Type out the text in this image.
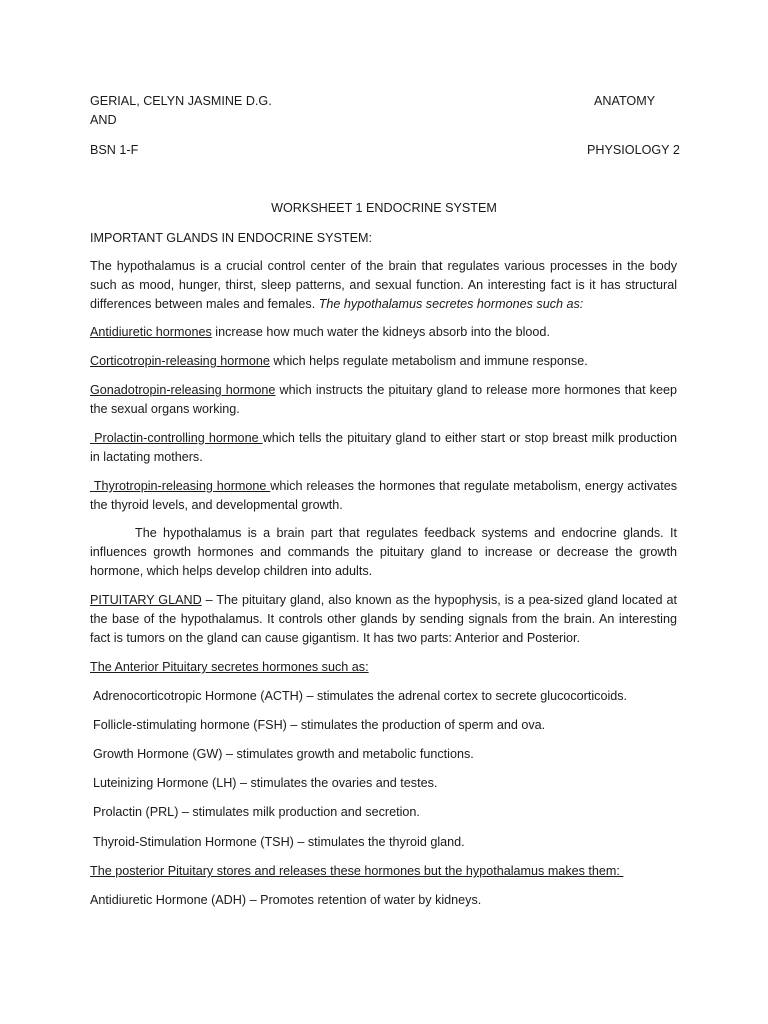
GERIAL, CELYN JASMINE D.G.	ANATOMY
AND
BSN 1-F	PHYSIOLOGY 2
WORKSHEET 1 ENDOCRINE SYSTEM
IMPORTANT GLANDS IN ENDOCRINE SYSTEM:
The hypothalamus is a crucial control center of the brain that regulates various processes in the body such as mood, hunger, thirst, sleep patterns, and sexual function. An interesting fact is it has structural differences between males and females. The hypothalamus secretes hormones such as:
Antidiuretic hormones increase how much water the kidneys absorb into the blood.
Corticotropin-releasing hormone which helps regulate metabolism and immune response.
Gonadotropin-releasing hormone which instructs the pituitary gland to release more hormones that keep the sexual organs working.
Prolactin-controlling hormone which tells the pituitary gland to either start or stop breast milk production in lactating mothers.
Thyrotropin-releasing hormone which releases the hormones that regulate metabolism, energy activates the thyroid levels, and developmental growth.
The hypothalamus is a brain part that regulates feedback systems and endocrine glands. It influences growth hormones and commands the pituitary gland to increase or decrease the growth hormone, which helps develop children into adults.
PITUITARY GLAND – The pituitary gland, also known as the hypophysis, is a pea-sized gland located at the base of the hypothalamus. It controls other glands by sending signals from the brain. An interesting fact is tumors on the gland can cause gigantism. It has two parts: Anterior and Posterior.
The Anterior Pituitary secretes hormones such as:
Adrenocorticotropic Hormone (ACTH) – stimulates the adrenal cortex to secrete glucocorticoids.
Follicle-stimulating hormone (FSH) – stimulates the production of sperm and ova.
Growth Hormone (GW) – stimulates growth and metabolic functions.
Luteinizing Hormone (LH) – stimulates the ovaries and testes.
Prolactin (PRL) – stimulates milk production and secretion.
Thyroid-Stimulation Hormone (TSH) – stimulates the thyroid gland.
The posterior Pituitary stores and releases these hormones but the hypothalamus makes them:
Antidiuretic Hormone (ADH) – Promotes retention of water by kidneys.
